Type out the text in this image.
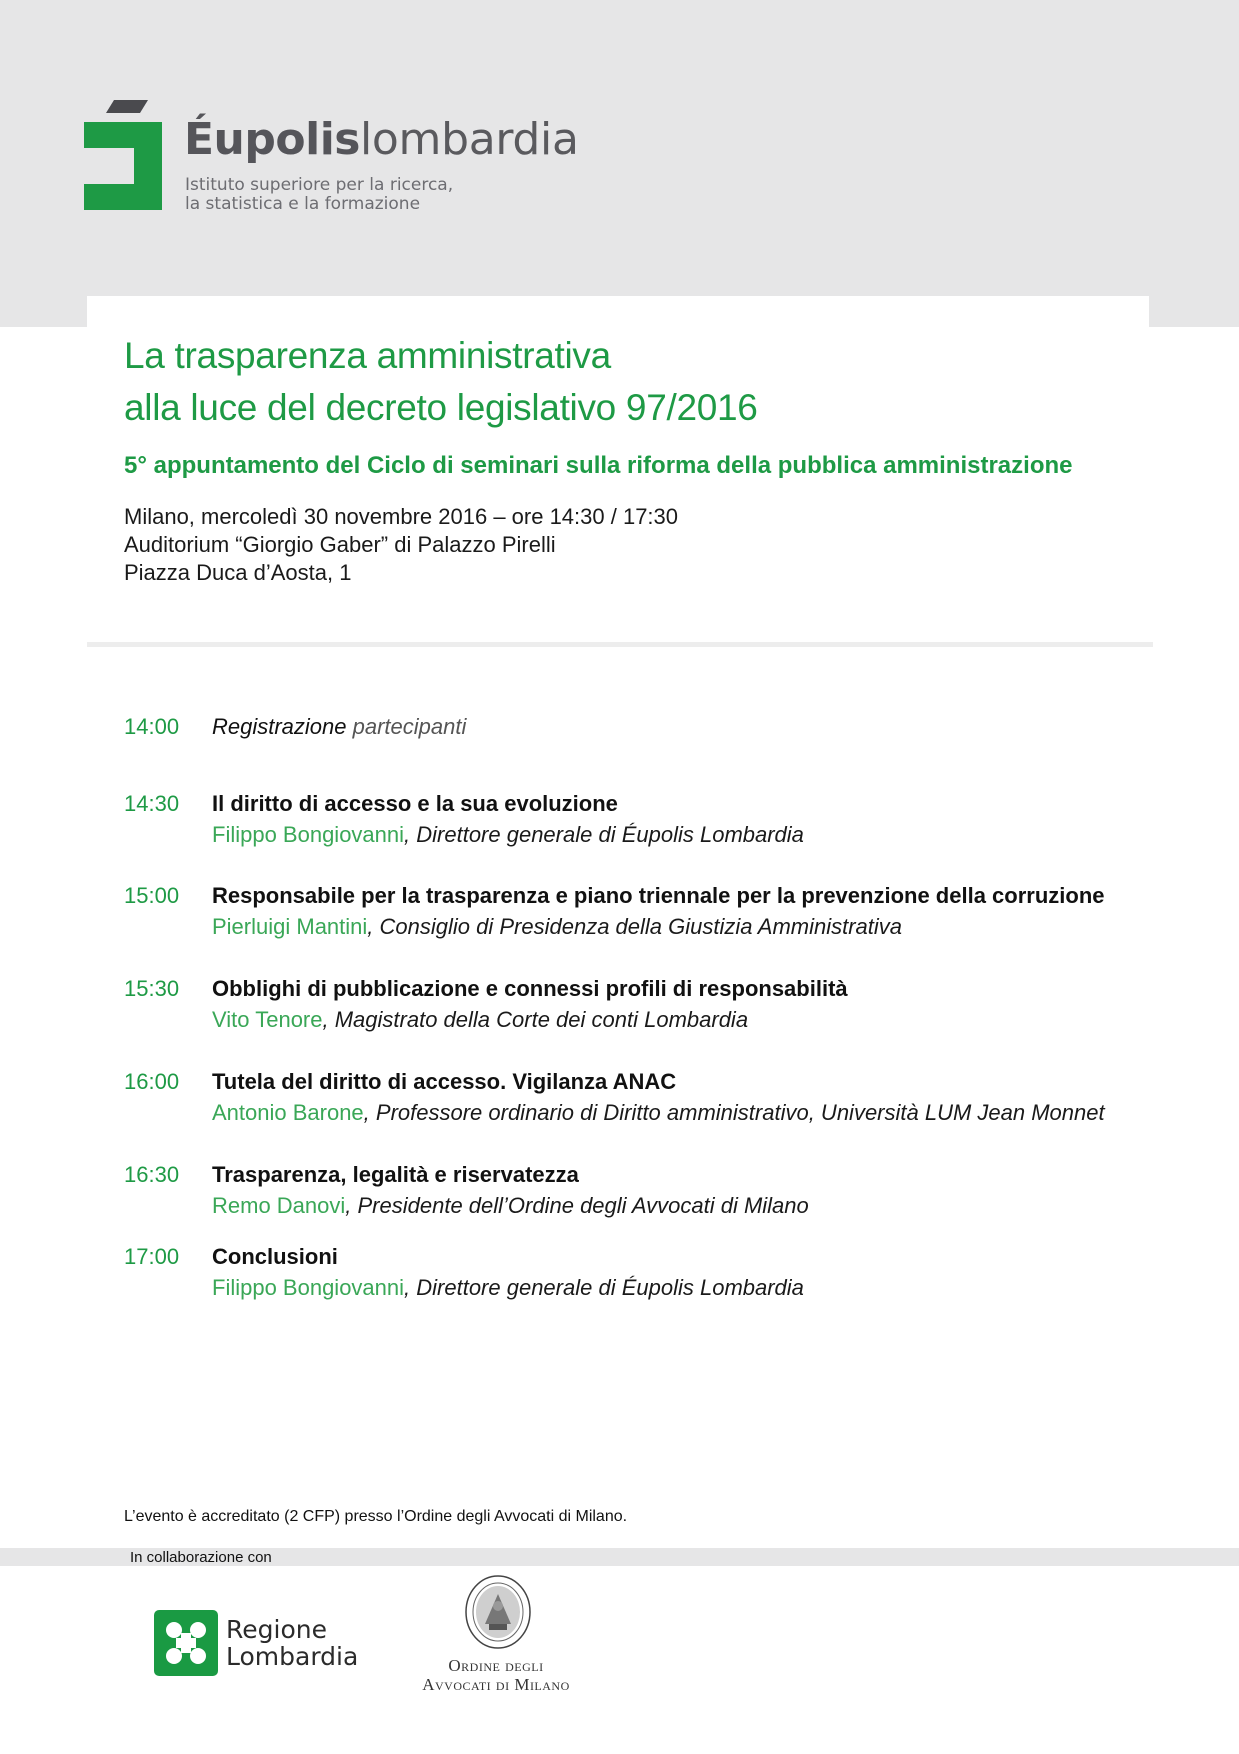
Éupolislombardia
Istituto superiore per la ricerca,
la statistica e la formazione
La trasparenza amministrativa
alla luce del decreto legislativo 97/2016
5° appuntamento del Ciclo di seminari sulla riforma della pubblica amministrazione
Milano, mercoledì 30 novembre 2016 – ore 14:30 / 17:30
Auditorium “Giorgio Gaber” di Palazzo Pirelli
Piazza Duca d’Aosta, 1
14:00 Registrazione partecipanti
14:30 Il diritto di accesso e la sua evoluzione
Filippo Bongiovanni, Direttore generale di Éupolis Lombardia
15:00 Responsabile per la trasparenza e piano triennale per la prevenzione della corruzione
Pierluigi Mantini, Consiglio di Presidenza della Giustizia Amministrativa
15:30 Obblighi di pubblicazione e connessi profili di responsabilità
Vito Tenore, Magistrato della Corte dei conti Lombardia
16:00 Tutela del diritto di accesso. Vigilanza ANAC
Antonio Barone, Professore ordinario di Diritto amministrativo, Università LUM Jean Monnet
16:30 Trasparenza, legalità e riservatezza
Remo Danovi, Presidente dell’Ordine degli Avvocati di Milano
17:00 Conclusioni
Filippo Bongiovanni, Direttore generale di Éupolis Lombardia
L’evento è accreditato (2 CFP) presso l’Ordine degli Avvocati di Milano.
In collaborazione con
Regione
Lombardia	Ordine degli
Avvocati di Milano
